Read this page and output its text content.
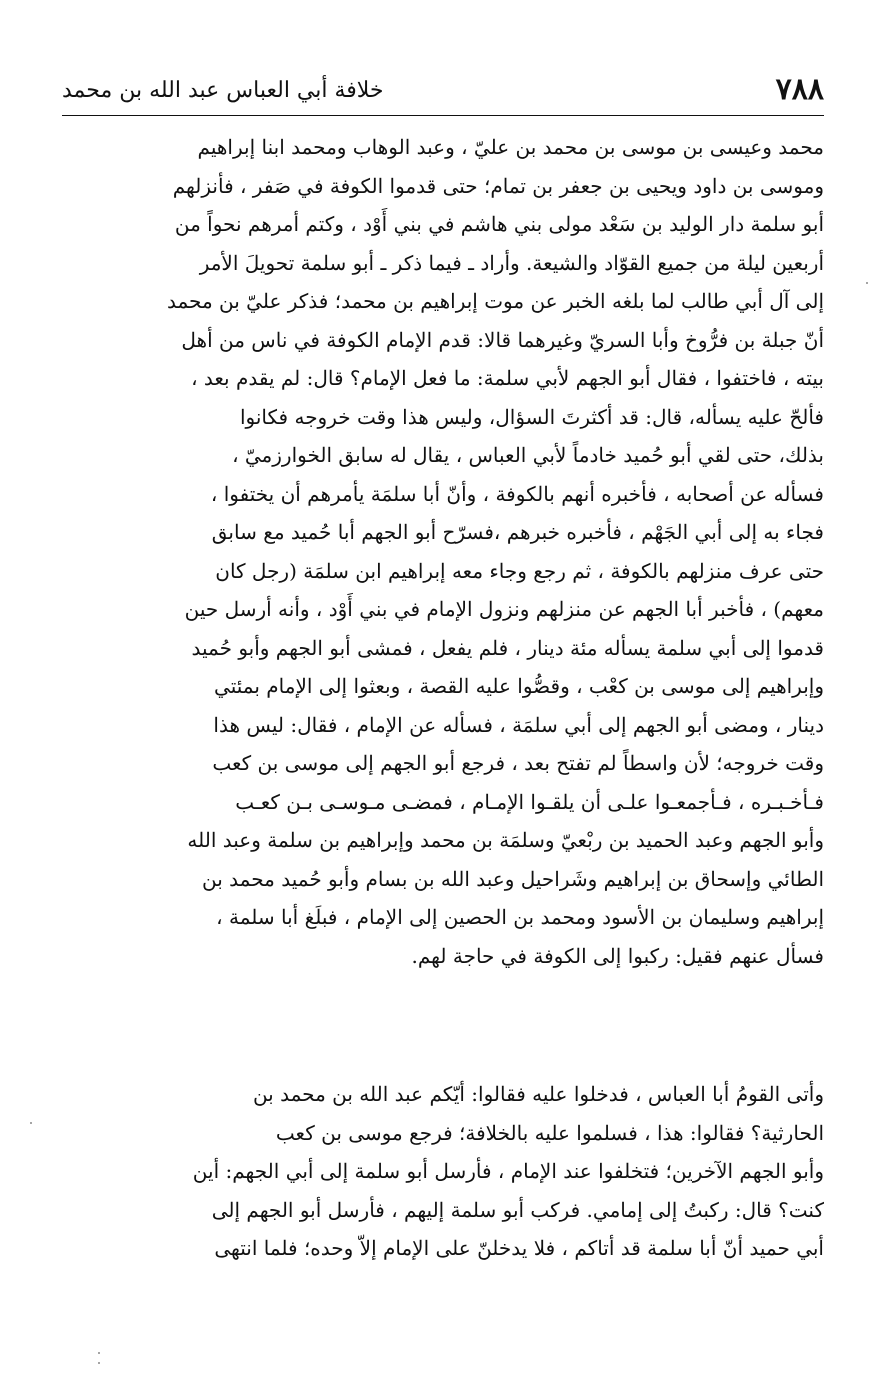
٧٨٨
خلافة أبي العباس عبد الله بن محمد
محمد وعيسى بن موسى بن محمد بن عليّ ، وعبد الوهاب ومحمد ابنا إبراهيم
وموسى بن داود ويحيى بن جعفر بن تمام؛ حتى قدموا الكوفة في صَفر ، فأنزلهم
أبو سلمة دار الوليد بن سَعْد مولى بني هاشم في بني أَوْد ، وكتم أمرهم نحواً من
أربعين ليلة من جميع القوّاد والشيعة. وأراد ـ فيما ذكر ـ أبو سلمة تحويلَ الأمر
إلى آل أبي طالب لما بلغه الخبر عن موت إبراهيم بن محمد؛ فذكر عليّ بن محمد
أنّ جبلة بن فرُّوخ وأبا السريّ وغيرهما قالا: قدم الإمام الكوفة في ناس من أهل
بيته ، فاختفوا ، فقال أبو الجهم لأبي سلمة: ما فعل الإمام؟ قال: لم يقدم بعد ،
فألحّ عليه يسأله، قال: قد أكثرتَ السؤال، وليس هذا وقت خروجه فكانوا
بذلك، حتى لقي أبو حُميد خادماً لأبي العباس ، يقال له سابق الخوارزميّ ،
فسأله عن أصحابه ، فأخبره أنهم بالكوفة ، وأنّ أبا سلمَة يأمرهم أن يختفوا ،
فجاء به إلى أبي الجَهْم ، فأخبره خبرهم ،فسرّح أبو الجهم أبا حُميد مع سابق
حتى عرف منزلهم بالكوفة ، ثم رجع وجاء معه إبراهيم ابن سلمَة (رجل كان
معهم) ، فأخبر أبا الجهم عن منزلهم ونزول الإمام في بني أَوْد ، وأنه أرسل حين
قدموا إلى أبي سلمة يسأله مئة دينار ، فلم يفعل ، فمشى أبو الجهم وأبو حُميد
وإبراهيم إلى موسى بن كعْب ، وقصُّوا عليه القصة ، وبعثوا إلى الإمام بمئتي
دينار ، ومضى أبو الجهم إلى أبي سلمَة ، فسأله عن الإمام ، فقال: ليس هذا
وقت خروجه؛ لأن واسطاً لم تفتح بعد ، فرجع أبو الجهم إلى موسى بن كعب
فـأخـبـره ، فـأجمعـوا علـى أن يلقـوا الإمـام ، فمضـى مـوسـى بـن كعـب
وأبو الجهم وعبد الحميد بن ربْعيّ وسلمَة بن محمد وإبراهيم بن سلمة وعبد الله
الطائي وإسحاق بن إبراهيم وشَراحيل وعبد الله بن بسام وأبو حُميد محمد بن
إبراهيم وسليمان بن الأسود ومحمد بن الحصين إلى الإمام ، فبلَغ أبا سلمة ،
فسأل عنهم فقيل: ركبوا إلى الكوفة في حاجة لهم.
وأتى القومُ أبا العباس ، فدخلوا عليه فقالوا: أيّكم عبد الله بن محمد بن
الحارثية؟ فقالوا: هذا ، فسلموا عليه بالخلافة؛ فرجع موسى بن كعب
وأبو الجهم الآخرين؛ فتخلفوا عند الإمام ، فأرسل أبو سلمة إلى أبي الجهم: أين
كنت؟ قال: ركبتُ إلى إمامي. فركب أبو سلمة إليهم ، فأرسل أبو الجهم إلى
أبي حميد أنّ أبا سلمة قد أتاكم ، فلا يدخلنّ على الإمام إلاّ وحده؛ فلما انتهى
